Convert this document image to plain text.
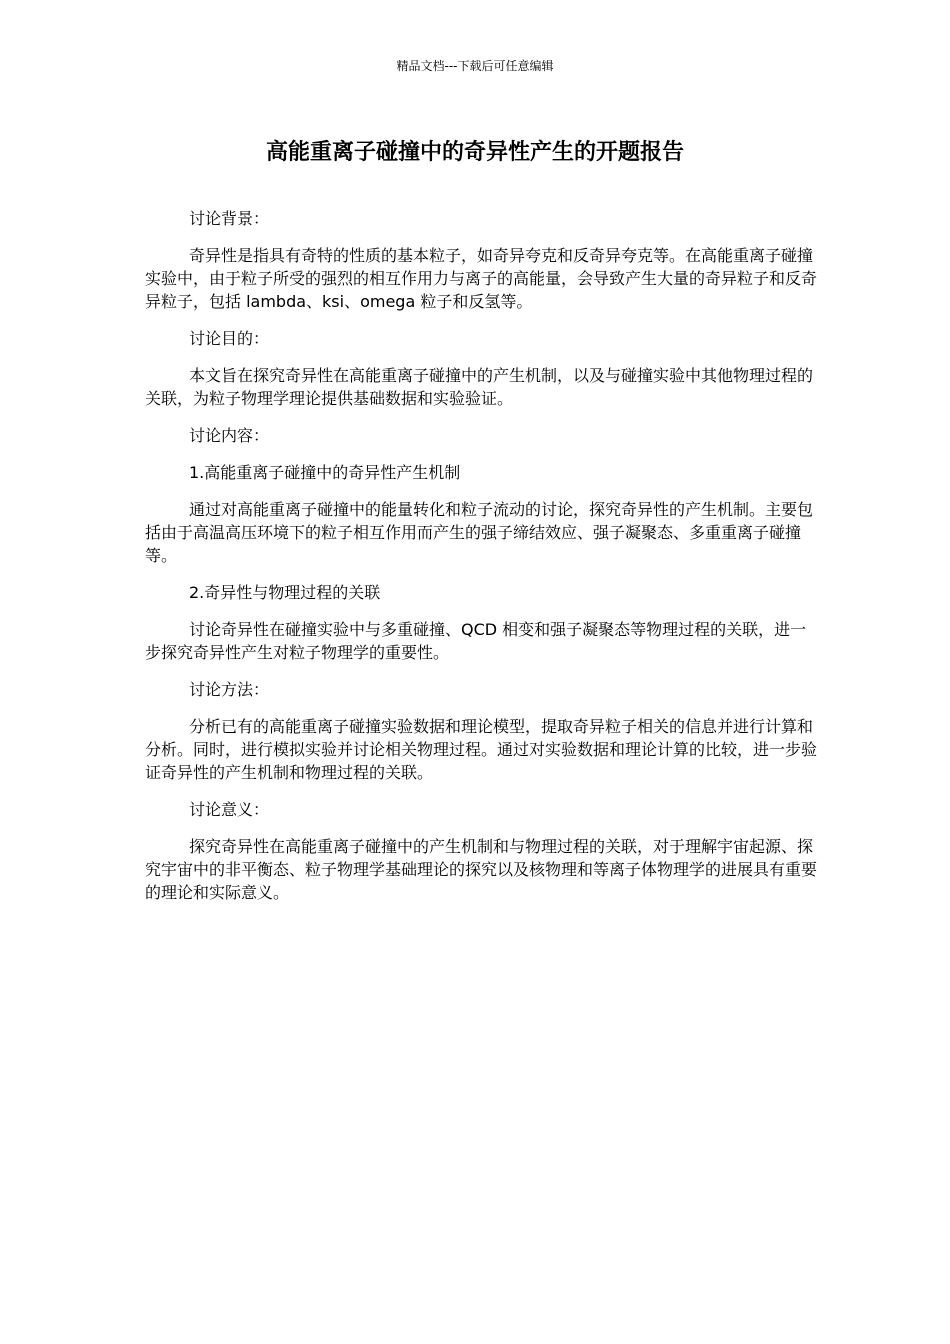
精品文档---下载后可任意编辑
高能重离子碰撞中的奇异性产生的开题报告

讨论背景：

奇异性是指具有奇特的性质的基本粒子，如奇异夸克和反奇异夸克等。在高能重离子碰撞实验中，由于粒子所受的强烈的相互作用力与离子的高能量，会导致产生大量的奇异粒子和反奇异粒子，包括 lambda、ksi、omega 粒子和反氢等。

讨论目的：

本文旨在探究奇异性在高能重离子碰撞中的产生机制，以及与碰撞实验中其他物理过程的关联，为粒子物理学理论提供基础数据和实验验证。

讨论内容：

1.高能重离子碰撞中的奇异性产生机制

通过对高能重离子碰撞中的能量转化和粒子流动的讨论，探究奇异性的产生机制。主要包括由于高温高压环境下的粒子相互作用而产生的强子缔结效应、强子凝聚态、多重重离子碰撞等。

2.奇异性与物理过程的关联

讨论奇异性在碰撞实验中与多重碰撞、QCD 相变和强子凝聚态等物理过程的关联，进一步探究奇异性产生对粒子物理学的重要性。

讨论方法：

分析已有的高能重离子碰撞实验数据和理论模型，提取奇异粒子相关的信息并进行计算和分析。同时，进行模拟实验并讨论相关物理过程。通过对实验数据和理论计算的比较，进一步验证奇异性的产生机制和物理过程的关联。

讨论意义：

探究奇异性在高能重离子碰撞中的产生机制和与物理过程的关联，对于理解宇宙起源、探究宇宙中的非平衡态、粒子物理学基础理论的探究以及核物理和等离子体物理学的进展具有重要的理论和实际意义。
